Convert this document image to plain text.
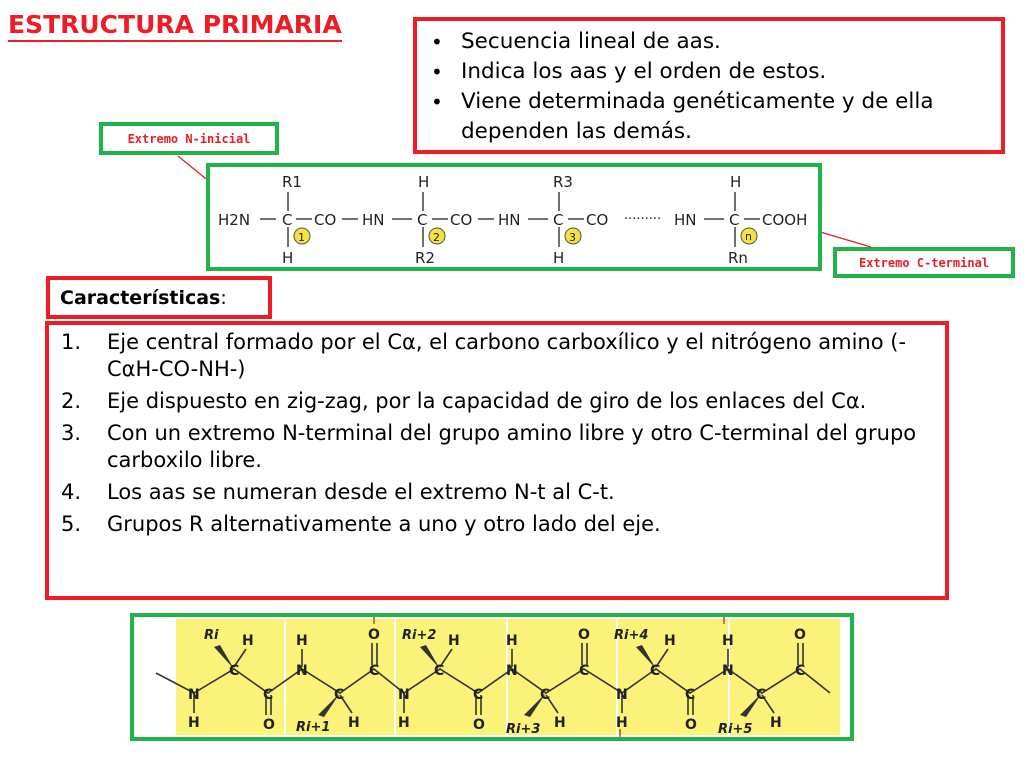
ESTRUCTURA PRIMARIA
• Secuencia lineal de aas.
• Indica los aas y el orden de estos.
• Viene determinada genéticamente y de ella dependen las demás.
Extremo N-inicial
Extremo C-terminal
R1	H	R3	H
H2N C CO HN C CO HN C CO ········· HN C COOH
H	R2	H	Rn
1	2	3	n
Características:
1. Eje central formado por el Cα, el carbono carboxílico y el nitrógeno amino (-CαH-CO-NH-)
2. Eje dispuesto en zig-zag, por la capacidad de giro de los enlaces del Cα.
3. Con un extremo N-terminal del grupo amino libre y otro C-terminal del grupo carboxilo libre.
4. Los aas se numeran desde el extremo N-t al C-t.
5. Grupos R alternativamente a uno y otro lado del eje.
N
H
C
H
C
O
N
H
C
H
C
O
N
H
C
H
C
O
N
H
C
H
C
O
N
H
C
H
C
O
N
H
C
H
C
O
Ri	Ri+2	Ri+4
Ri+1	Ri+3	Ri+5
